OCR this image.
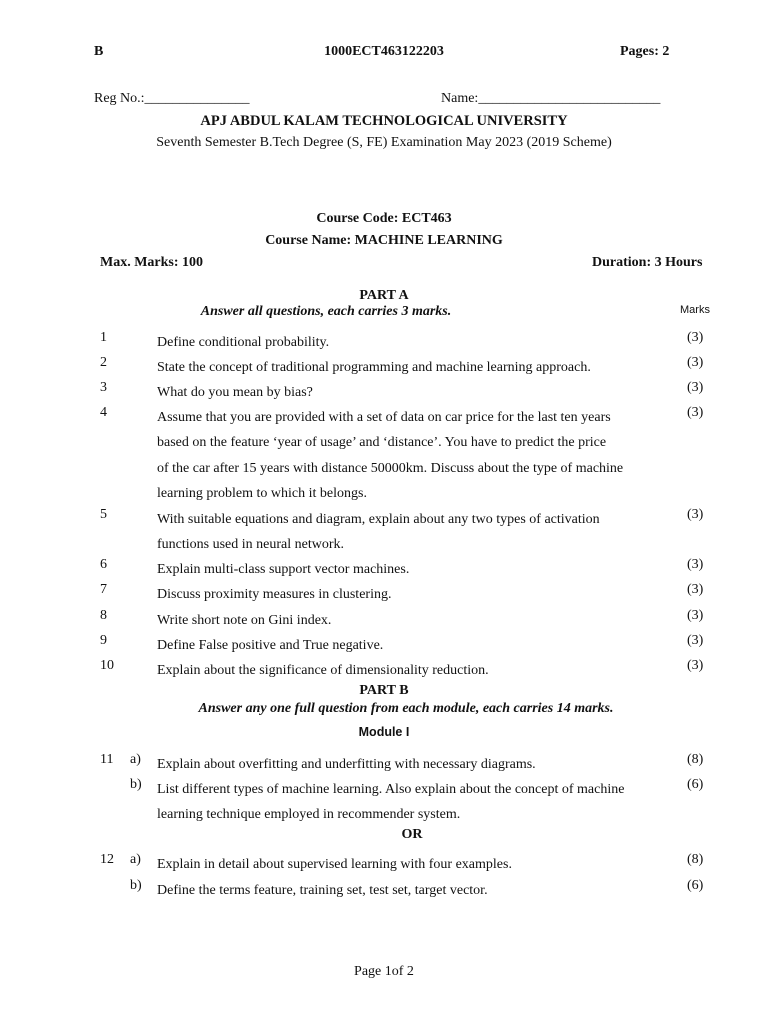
B	1000ECT463122203	Pages: 2
Reg No.:_______________	Name:__________________________
APJ ABDUL KALAM TECHNOLOGICAL UNIVERSITY
Seventh Semester B.Tech Degree (S, FE) Examination May 2023 (2019 Scheme)
Course Code: ECT463
Course Name: MACHINE LEARNING
Max. Marks: 100	Duration: 3 Hours
PART A
Answer all questions, each carries 3 marks.	Marks
1	Define conditional probability.	(3)
2	State the concept of traditional programming and machine learning approach.	(3)
3	What do you mean by bias?	(3)
4	Assume that you are provided with a set of data on car price for the last ten years
based on the feature ‘year of usage’ and ‘distance’. You have to predict the price
of the car after 15 years with distance 50000km. Discuss about the type of machine
learning problem to which it belongs.
(3)
5	With suitable equations and diagram, explain about any two types of activation
functions used in neural network.
(3)
6	Explain multi-class support vector machines.	(3)
7	Discuss proximity measures in clustering.	(3)
8	Write short note on Gini index.	(3)
9	Define False positive and True negative.	(3)
10	Explain about the significance of dimensionality reduction.	(3)
PART B
Answer any one full question from each module, each carries 14 marks.
Module I
11	a)	Explain about overfitting and underfitting with necessary diagrams.	(8)
b)	List different types of machine learning. Also explain about the concept of machine
learning technique employed in recommender system.
(6)
12	a)	Explain in detail about supervised learning with four examples.	(8)
b)	Define the terms feature, training set, test set, target vector.	(6)
OR
Page 1of 2
